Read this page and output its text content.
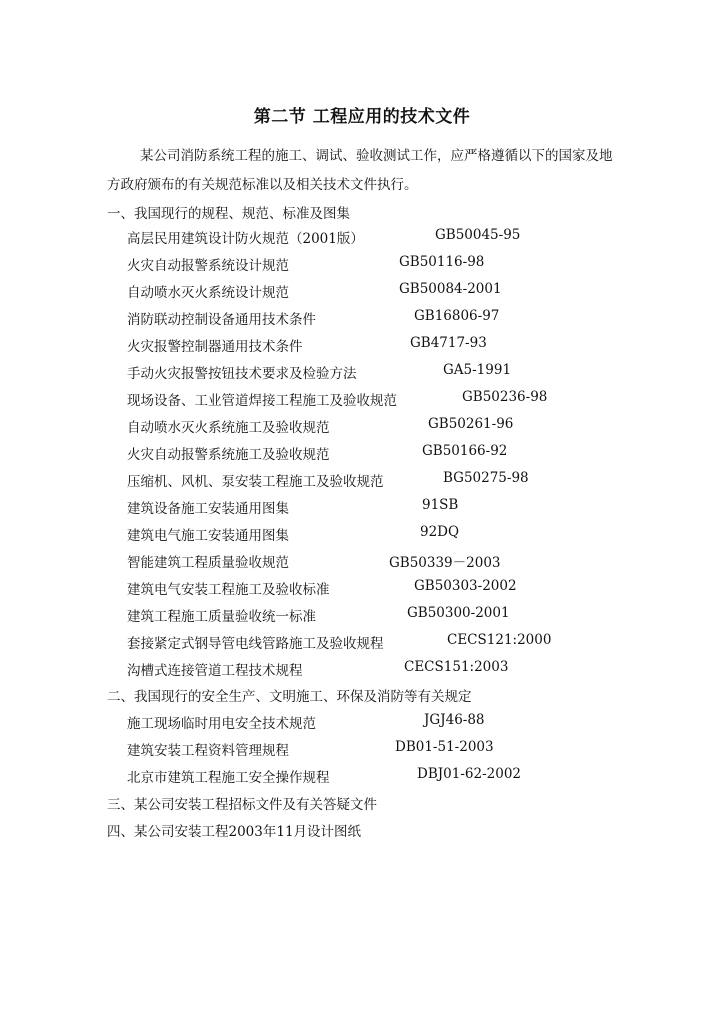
第二节 工程应用的技术文件
某公司消防系统工程的施工、调试、验收测试工作，应严格遵循以下的国家及地
方政府颁布的有关规范标准以及相关技术文件执行。
一、我国现行的规程、规范、标准及图集
高层民用建筑设计防火规范（2001版）	GB50045-95
火灾自动报警系统设计规范	GB50116-98
自动喷水灭火系统设计规范	GB50084-2001
消防联动控制设备通用技术条件	GB16806-97
火灾报警控制器通用技术条件	GB4717-93
手动火灾报警按钮技术要求及检验方法	GA5-1991
现场设备、工业管道焊接工程施工及验收规范	GB50236-98
自动喷水灭火系统施工及验收规范	GB50261-96
火灾自动报警系统施工及验收规范	GB50166-92
压缩机、风机、泵安装工程施工及验收规范	BG50275-98
建筑设备施工安装通用图集	91SB
建筑电气施工安装通用图集	92DQ
智能建筑工程质量验收规范	GB50339－2003
建筑电气安装工程施工及验收标准	GB50303-2002
建筑工程施工质量验收统一标准	GB50300-2001
套接紧定式钢导管电线管路施工及验收规程	CECS121:2000
沟槽式连接管道工程技术规程	CECS151:2003
二、我国现行的安全生产、文明施工、环保及消防等有关规定
施工现场临时用电安全技术规范	JGJ46-88
建筑安装工程资料管理规程	DB01-51-2003
北京市建筑工程施工安全操作规程	DBJ01-62-2002
三、某公司安装工程招标文件及有关答疑文件
四、某公司安装工程2003年11月设计图纸
